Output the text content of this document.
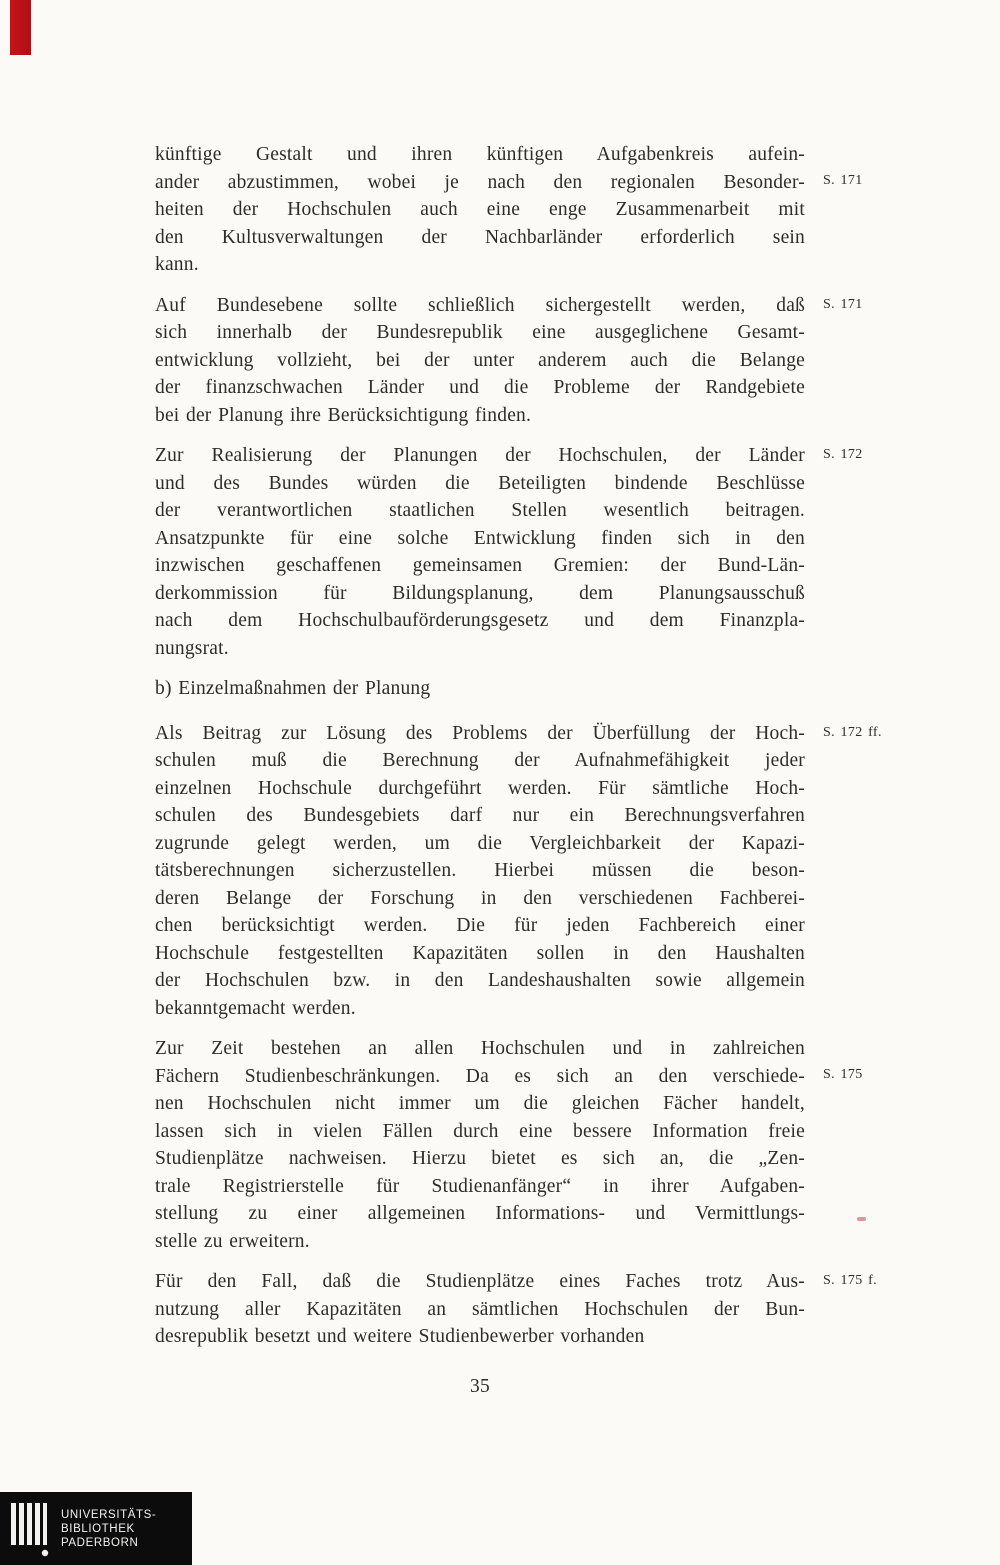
künftige Gestalt und ihren künftigen Aufgabenkreis aufein-
ander abzustimmen, wobei je nach den regionalen Besonder-
heiten der Hochschulen auch eine enge Zusammenarbeit mit
den Kultusverwaltungen der Nachbarländer erforderlich sein
kann.
S. 171
Auf Bundesebene sollte schließlich sichergestellt werden, daß
sich innerhalb der Bundesrepublik eine ausgeglichene Gesamt-
entwicklung vollzieht, bei der unter anderem auch die Belange
der finanzschwachen Länder und die Probleme der Randgebiete
bei der Planung ihre Berücksichtigung finden.
S. 171
Zur Realisierung der Planungen der Hochschulen, der Länder
und des Bundes würden die Beteiligten bindende Beschlüsse
der verantwortlichen staatlichen Stellen wesentlich beitragen.
Ansatzpunkte für eine solche Entwicklung finden sich in den
inzwischen geschaffenen gemeinsamen Gremien: der Bund-Län-
derkommission für Bildungsplanung, dem Planungsausschuß
nach dem Hochschulbauförderungsgesetz und dem Finanzpla-
nungsrat.
S. 172
b) Einzelmaßnahmen der Planung
Als Beitrag zur Lösung des Problems der Überfüllung der Hoch-
schulen muß die Berechnung der Aufnahmefähigkeit jeder
einzelnen Hochschule durchgeführt werden. Für sämtliche Hoch-
schulen des Bundesgebiets darf nur ein Berechnungsverfahren
zugrunde gelegt werden, um die Vergleichbarkeit der Kapazi-
tätsberechnungen sicherzustellen. Hierbei müssen die beson-
deren Belange der Forschung in den verschiedenen Fachberei-
chen berücksichtigt werden. Die für jeden Fachbereich einer
Hochschule festgestellten Kapazitäten sollen in den Haushalten
der Hochschulen bzw. in den Landeshaushalten sowie allgemein
bekanntgemacht werden.
S. 172 ff.
Zur Zeit bestehen an allen Hochschulen und in zahlreichen
Fächern Studienbeschränkungen. Da es sich an den verschiede-
nen Hochschulen nicht immer um die gleichen Fächer handelt,
lassen sich in vielen Fällen durch eine bessere Information freie
Studienplätze nachweisen. Hierzu bietet es sich an, die „Zen-
trale Registrierstelle für Studienanfänger“ in ihrer Aufgaben-
stellung zu einer allgemeinen Informations- und Vermittlungs-
stelle zu erweitern.
S. 175
Für den Fall, daß die Studienplätze eines Faches trotz Aus-
nutzung aller Kapazitäten an sämtlichen Hochschulen der Bun-
desrepublik besetzt und weitere Studienbewerber vorhanden
S. 175 f.
35
UNIVERSITÄTS-
BIBLIOTHEK
PADERBORN
